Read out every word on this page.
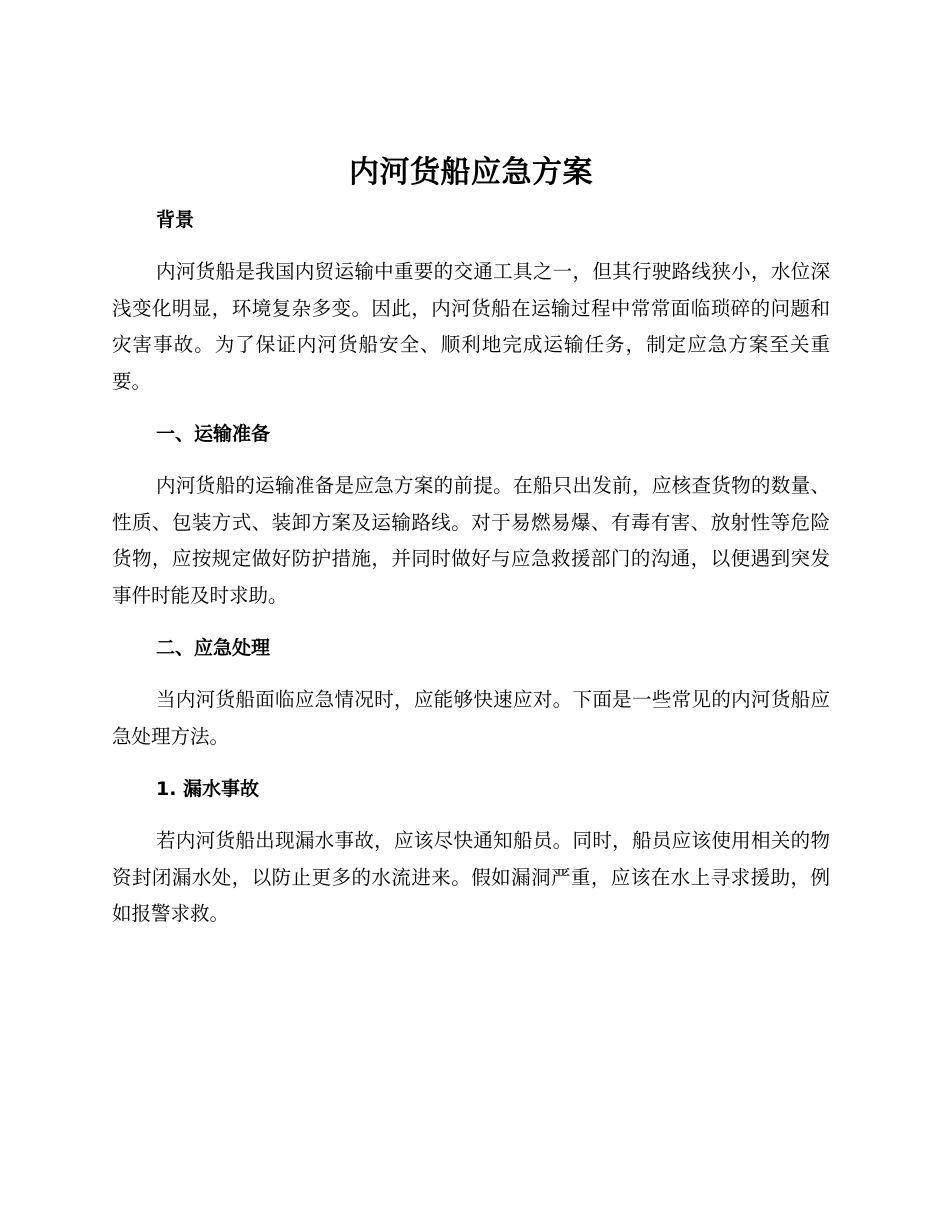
内河货船应急方案
背景

内河货船是我国内贸运输中重要的交通工具之一，但其行驶路线狭小，水位深浅变化明显，环境复杂多变。因此，内河货船在运输过程中常常面临琐碎的问题和灾害事故。为了保证内河货船安全、顺利地完成运输任务，制定应急方案至关重要。

一、运输准备

内河货船的运输准备是应急方案的前提。在船只出发前，应核查货物的数量、性质、包装方式、装卸方案及运输路线。对于易燃易爆、有毒有害、放射性等危险货物，应按规定做好防护措施，并同时做好与应急救援部门的沟通，以便遇到突发事件时能及时求助。

二、应急处理

当内河货船面临应急情况时，应能够快速应对。下面是一些常见的内河货船应急处理方法。

1. 漏水事故

若内河货船出现漏水事故，应该尽快通知船员。同时，船员应该使用相关的物资封闭漏水处，以防止更多的水流进来。假如漏洞严重，应该在水上寻求援助，例如报警求救。
